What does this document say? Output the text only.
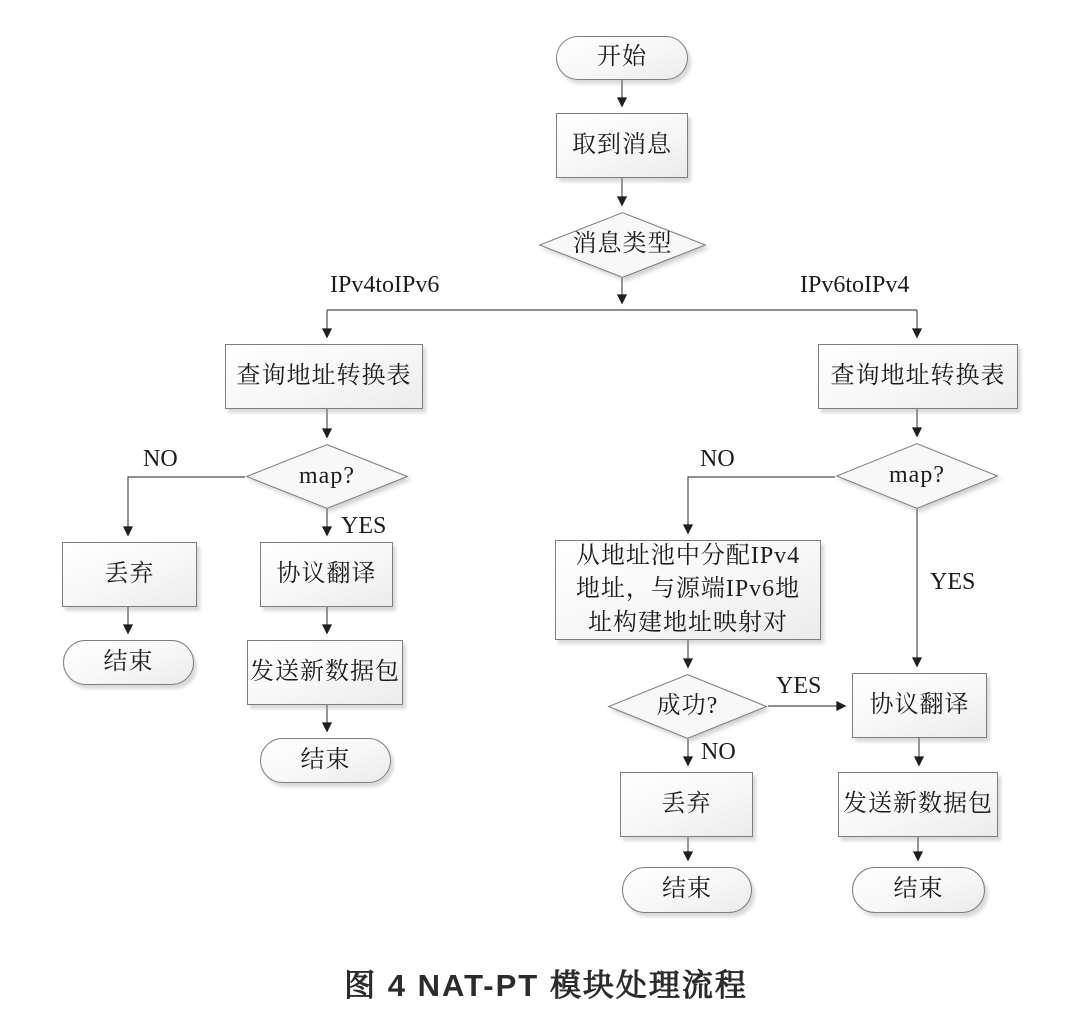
开始
取到消息
消息类型
查询地址转换表
map?
丢弃
结束
协议翻译
发送新数据包
结束
查询地址转换表
map?
从地址池中分配IPv4地址，与源端IPv6地址构建地址映射对
成功?	协议翻译
丢弃
结束
发送新数据包
结束
IPv4toIPv6	IPv6toIPv4
NO
YES
NO
YES
YES
NO
图 4 NAT-PT 模块处理流程
